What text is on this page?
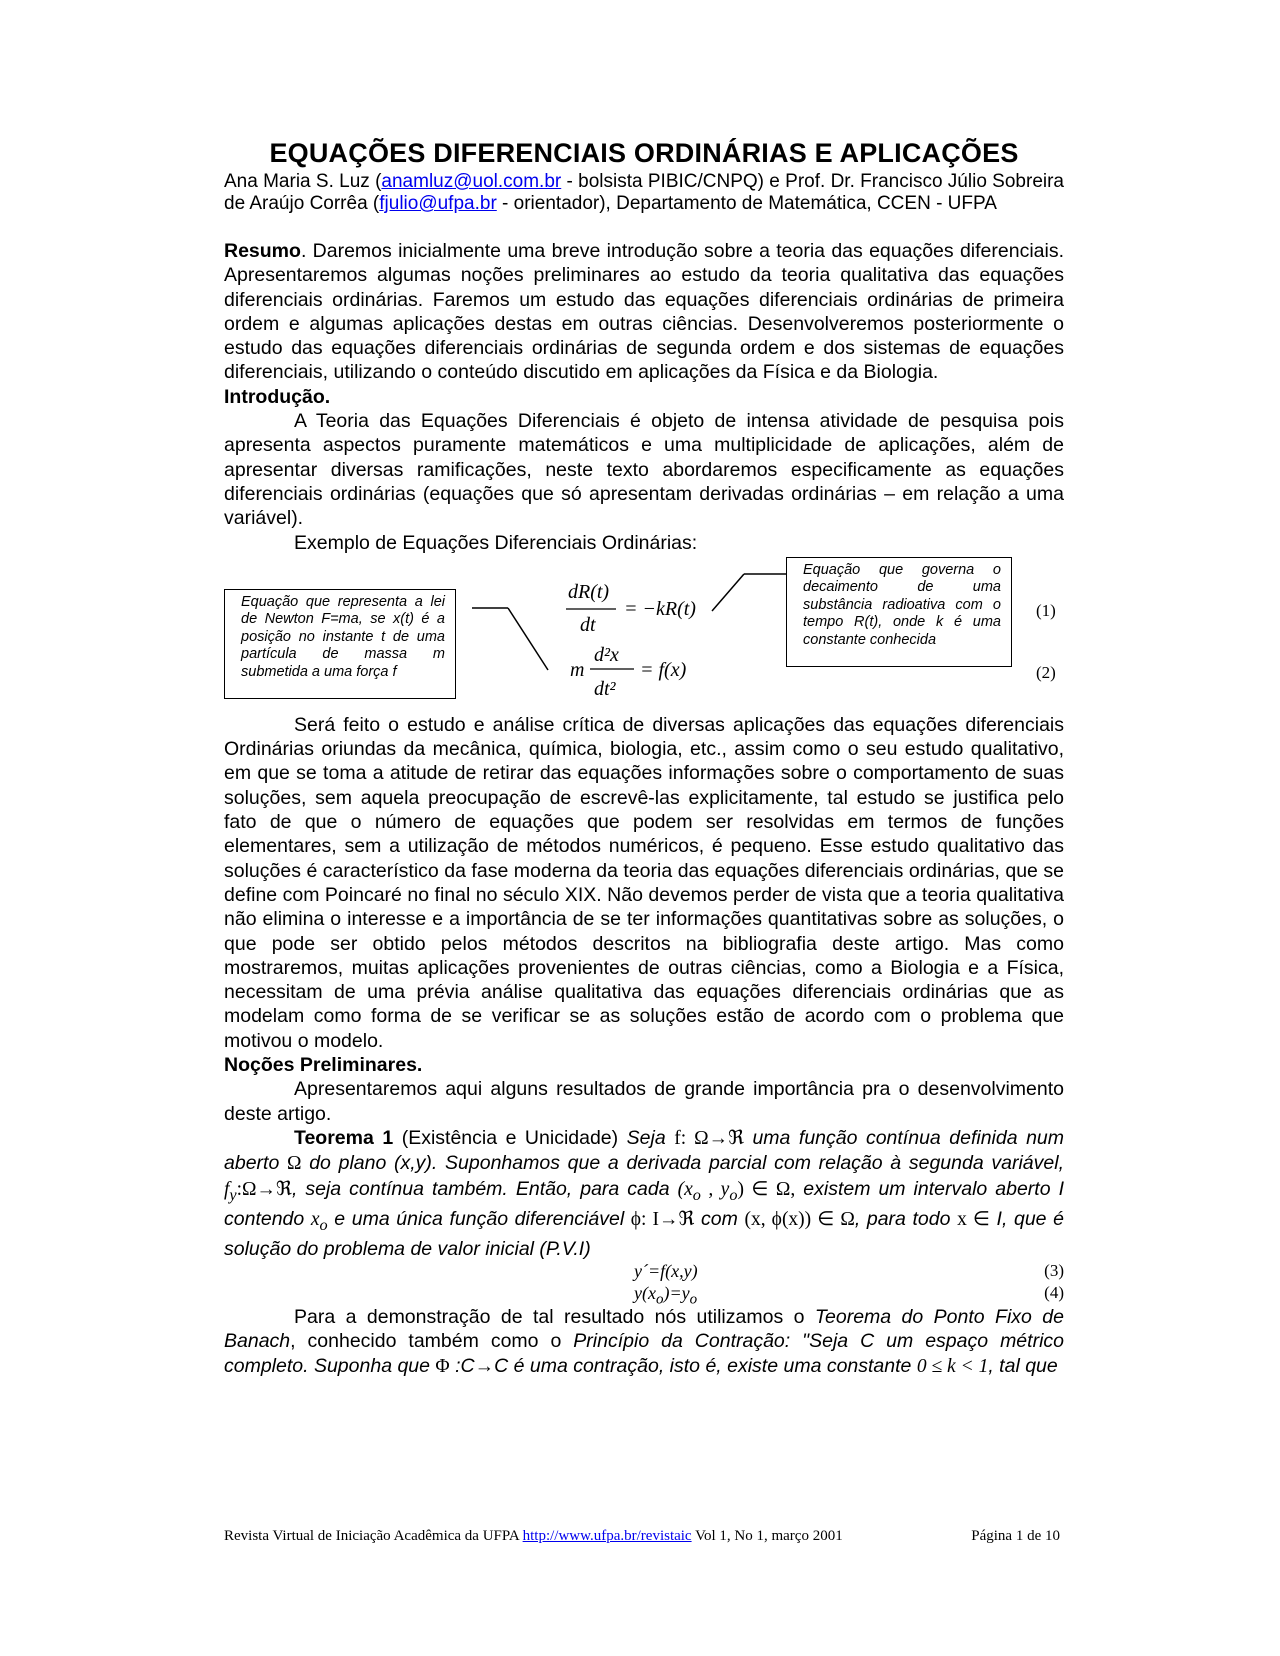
EQUAÇÕES DIFERENCIAIS ORDINÁRIAS E APLICAÇÕES

Ana Maria S. Luz (anamluz@uol.com.br - bolsista PIBIC/CNPQ) e Prof. Dr. Francisco Júlio Sobreira de Araújo Corrêa (fjulio@ufpa.br - orientador), Departamento de Matemática, CCEN - UFPA

Resumo. Daremos inicialmente uma breve introdução sobre a teoria das equações diferenciais. Apresentaremos algumas noções preliminares ao estudo da teoria qualitativa das equações diferenciais ordinárias. Faremos um estudo das equações diferenciais ordinárias de primeira ordem e algumas aplicações destas em outras ciências. Desenvolveremos posteriormente o estudo das equações diferenciais ordinárias de segunda ordem e dos sistemas de equações diferenciais, utilizando o conteúdo discutido em aplicações da Física e da Biologia.

Introdução.

A Teoria das Equações Diferenciais é objeto de intensa atividade de pesquisa pois apresenta aspectos puramente matemáticos e uma multiplicidade de aplicações, além de apresentar diversas ramificações, neste texto abordaremos especificamente as equações diferenciais ordinárias (equações que só apresentam derivadas ordinárias – em relação a uma variável).

Exemplo de Equações Diferenciais Ordinárias:

Equação que representa a lei de Newton F=ma, se x(t) é a posição no instante t de uma partícula de massa m submetida a uma força f
Equação que governa o decaimento de uma substância radioativa com o tempo R(t), onde k é uma constante conhecida
dR(t)
dt
= −kR(t)
m
d²x
dt²
= f(x)
(1)
(2)

Será feito o estudo e análise crítica de diversas aplicações das equações diferenciais Ordinárias oriundas da mecânica, química, biologia, etc., assim como o seu estudo qualitativo, em que se toma a atitude de retirar das equações informações sobre o comportamento de suas soluções, sem aquela preocupação de escrevê-las explicitamente, tal estudo se justifica pelo fato de que o número de equações que podem ser resolvidas em termos de funções elementares, sem a utilização de métodos numéricos, é pequeno. Esse estudo qualitativo das soluções é característico da fase moderna da teoria das equações diferenciais ordinárias, que se define com Poincaré no final no século XIX. Não devemos perder de vista que a teoria qualitativa não elimina o interesse e a importância de se ter informações quantitativas sobre as soluções, o que pode ser obtido pelos métodos descritos na bibliografia deste artigo. Mas como mostraremos, muitas aplicações provenientes de outras ciências, como a Biologia e a Física, necessitam de uma prévia análise qualitativa das equações diferenciais ordinárias que as modelam como forma de se verificar se as soluções estão de acordo com o problema que motivou o modelo.

Noções Preliminares.

Apresentaremos aqui alguns resultados de grande importância pra o desenvolvimento deste artigo.

Teorema 1 (Existência e Unicidade) Seja f: Ω→ℜ uma função contínua definida num aberto Ω do plano (x,y). Suponhamos que a derivada parcial com relação à segunda variável, $f_y:\Omega\to ℜ$, seja contínua também. Então, para cada ($x_o$ , $y_o$) ∈ Ω, existem um intervalo aberto I contendo $x_o$ e uma única função diferenciável ϕ: I→ℜ com (x, ϕ(x)) ∈ Ω, para todo x ∈ I, que é solução do problema de valor inicial (P.V.I)

y´=f(x,y)	(3)
$y(x_o)=y_o$	(4)

Para a demonstração de tal resultado nós utilizamos o Teorema do Ponto Fixo de Banach, conhecido também como o Princípio da Contração: "Seja C um espaço métrico completo. Suponha que Φ :C→C é uma contração, isto é, existe uma constante 0 ≤ k < 1, tal que

Revista Virtual de Iniciação Acadêmica da UFPA http://www.ufpa.br/revistaic Vol 1, No 1, março 2001	Página 1 de 10
